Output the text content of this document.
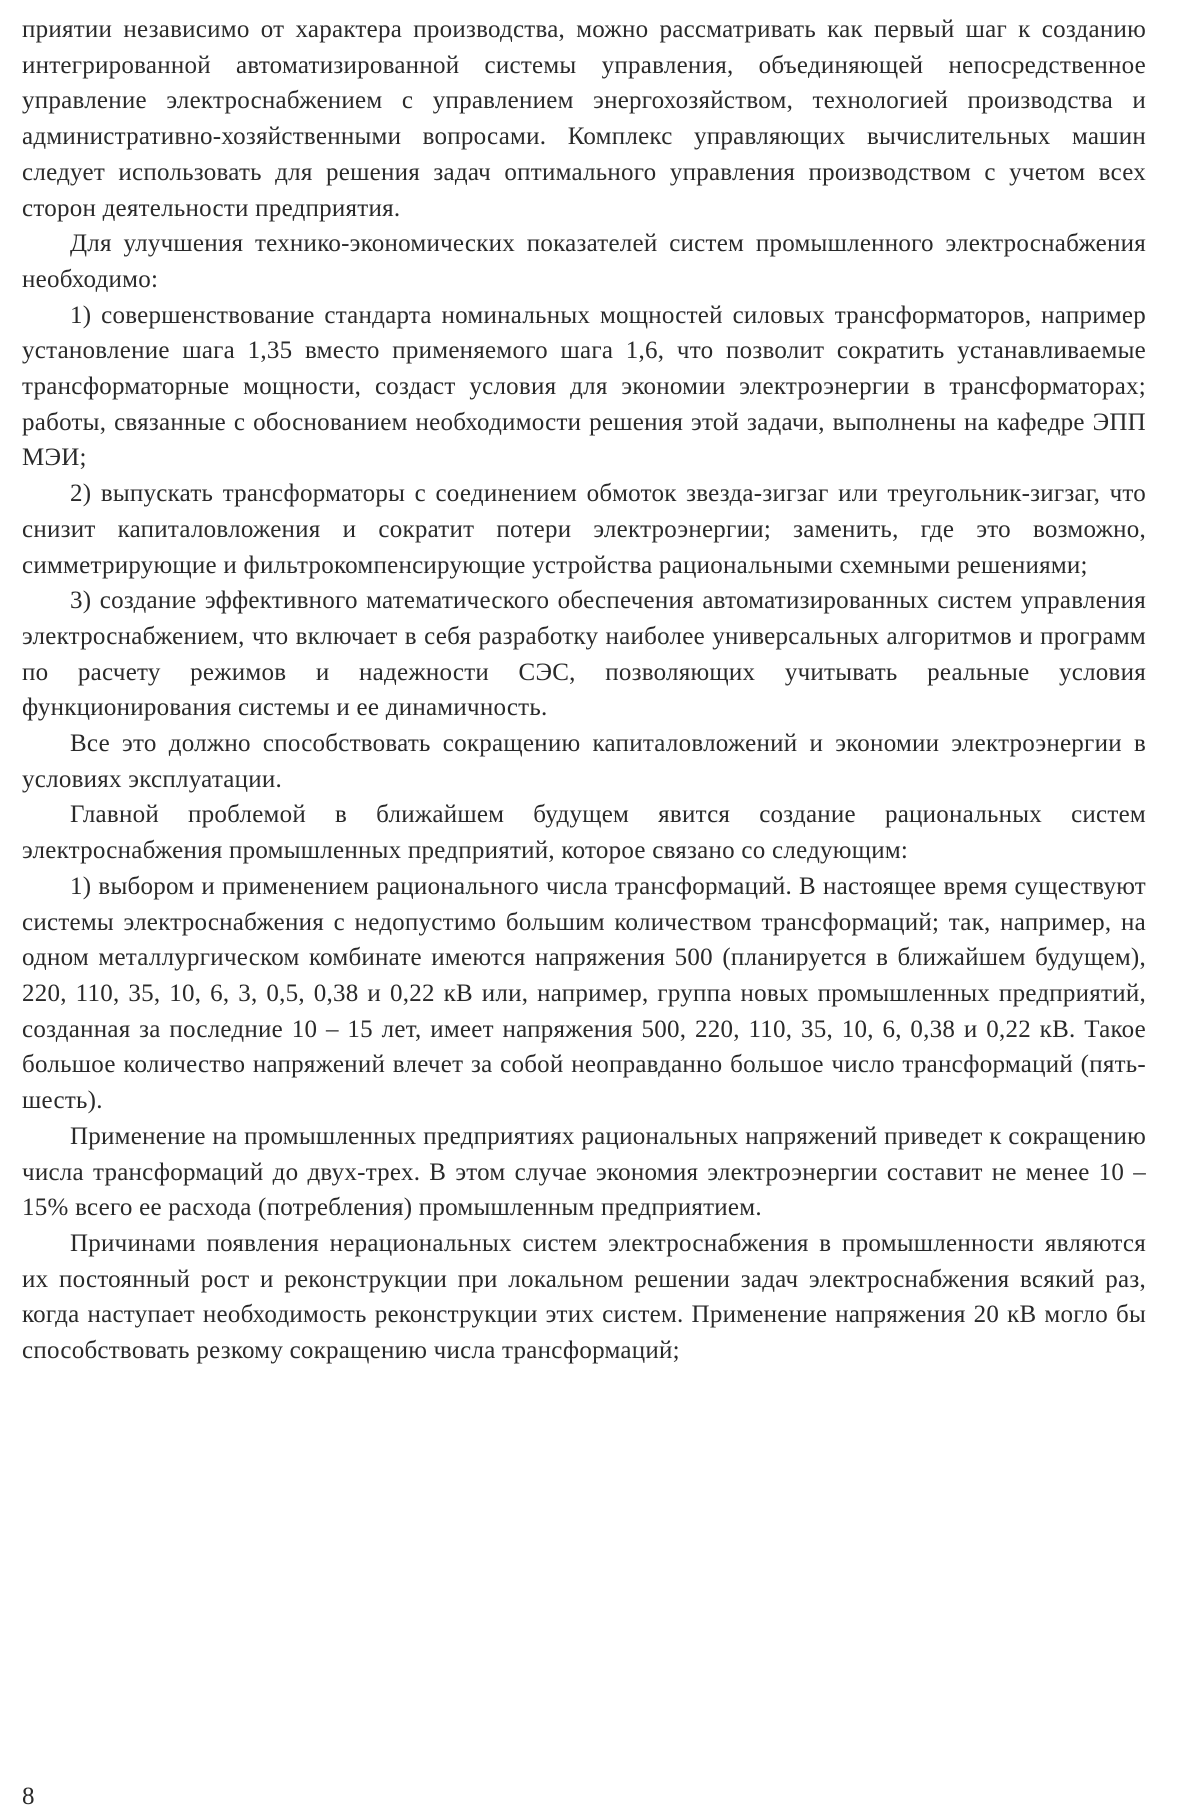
приятии независимо от характера производства, можно рассматривать как первый шаг к созданию интегрированной автоматизированной системы управления, объединяющей непосредственное управление электроснабжением с управлением энергохозяйством, технологией производства и административно-хозяйственными вопросами. Комплекс управляющих вычислительных машин следует использовать для решения задач оптимального управления производством с учетом всех сторон деятельности предприятия.

Для улучшения технико-экономических показателей систем промышленного электроснабжения необходимо:

1) совершенствование стандарта номинальных мощностей силовых трансформаторов, например установление шага 1,35 вместо применяемого шага 1,6, что позволит сократить устанавливаемые трансформаторные мощности, создаст условия для экономии электроэнергии в трансформаторах; работы, связанные с обоснованием необходимости решения этой задачи, выполнены на кафедре ЭПП МЭИ;

2) выпускать трансформаторы с соединением обмоток звезда-зигзаг или треугольник-зигзаг, что снизит капиталовложения и сократит потери электроэнергии; заменить, где это возможно, симметрирующие и фильтрокомпенсирующие устройства рациональными схемными решениями;

3) создание эффективного математического обеспечения автоматизированных систем управления электроснабжением, что включает в себя разработку наиболее универсальных алгоритмов и программ по расчету режимов и надежности СЭС, позволяющих учитывать реальные условия функционирования системы и ее динамичность.

Все это должно способствовать сокращению капиталовложений и экономии электроэнергии в условиях эксплуатации.

Главной проблемой в ближайшем будущем явится создание рациональных систем электроснабжения промышленных предприятий, которое связано со следующим:

1) выбором и применением рационального числа трансформаций. В настоящее время существуют системы электроснабжения с недопустимо большим количеством трансформаций; так, например, на одном металлургическом комбинате имеются напряжения 500 (планируется в ближайшем будущем), 220, 110, 35, 10, 6, 3, 0,5, 0,38 и 0,22 кВ или, например, группа новых промышленных предприятий, созданная за последние 10 – 15 лет, имеет напряжения 500, 220, 110, 35, 10, 6, 0,38 и 0,22 кВ. Такое большое количество напряжений влечет за собой неоправданно большое число трансформаций (пять-шесть).

Применение на промышленных предприятиях рациональных напряжений приведет к сокращению числа трансформаций до двух-трех. В этом случае экономия электроэнергии составит не менее 10 – 15% всего ее расхода (потребления) промышленным предприятием.

Причинами появления нерациональных систем электроснабжения в промышленности являются их постоянный рост и реконструкции при локальном решении задач электроснабжения всякий раз, когда наступает необходимость реконструкции этих систем. Применение напряжения 20 кВ могло бы способствовать резкому сокращению числа трансформаций;

8
